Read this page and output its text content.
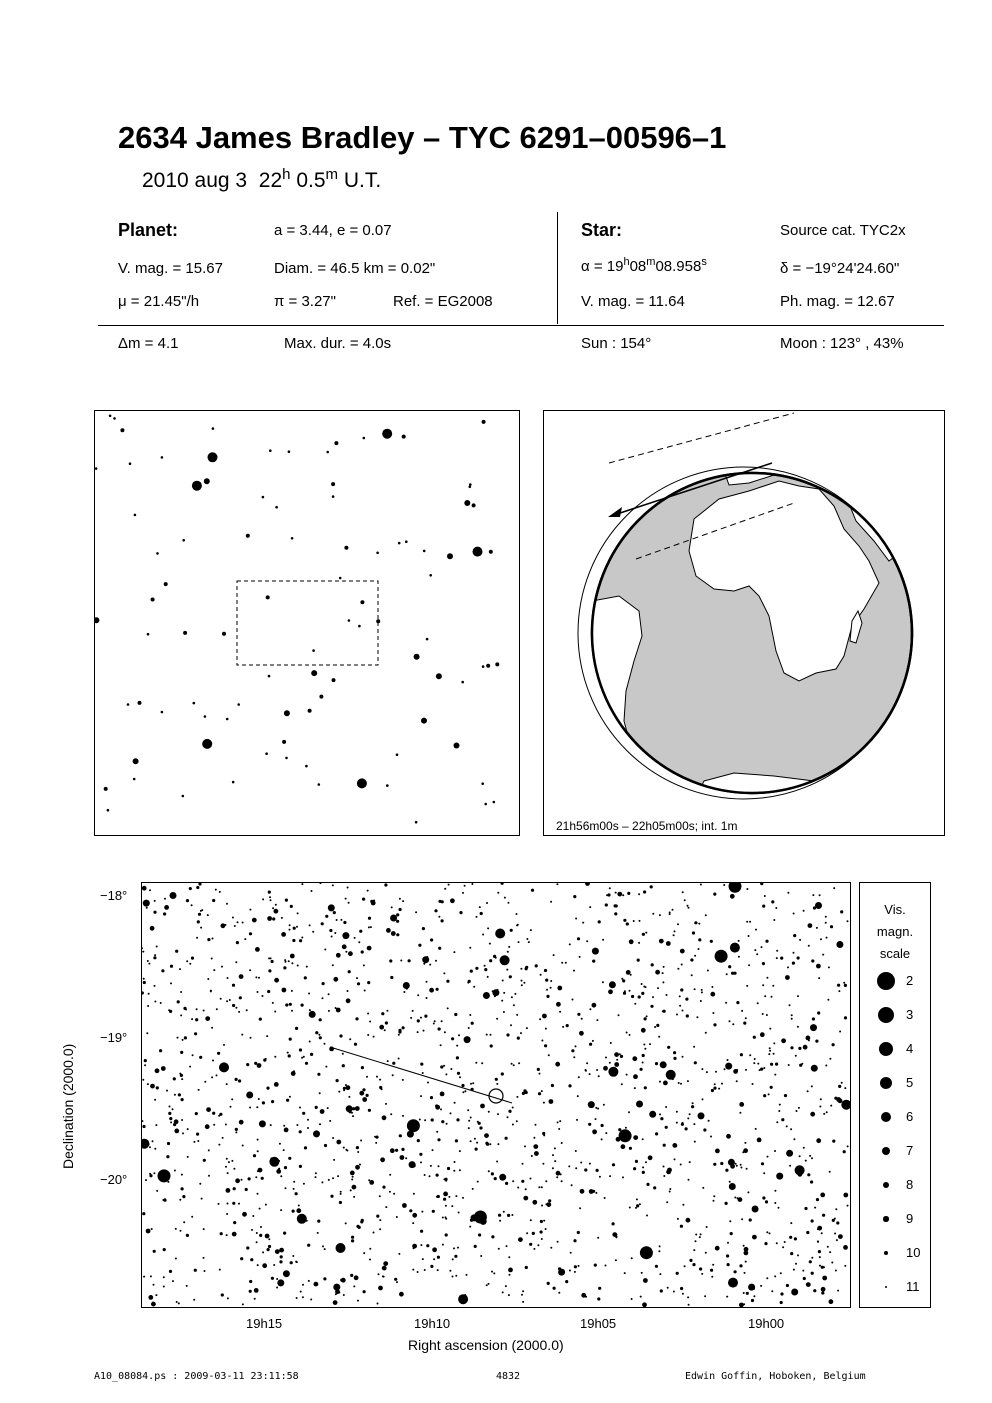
2634 James Bradley – TYC 6291–00596–1
2010 aug 3 22$^h$ 0.5$^m$ U.T.
Planet:	a = 3.44, e = 0.07
V. mag. = 15.67	Diam. = 46.5 km = 0.02"
μ = 21.45"/h	π = 3.27"	Ref. = EG2008
Star:	Source cat. TYC2x
$\alpha = 19^h08^m08.958^s$	δ = −19°24'24.60"
V. mag. = 11.64	Ph. mag. = 12.67
Δm = 4.1	Max. dur. = 4.0s	Sun : 154°	Moon : 123° , 43%
21h56m00s – 22h05m00s; int. 1m
−18°
−19°
−20°
Declination (2000.0)
19h15	19h10	19h05	19h00
Right ascension (2000.0)
Vis.
magn.
scale
2
3
4
5
6
7
8
9
10
11
A10_08084.ps : 2009-03-11 23:11:58	4832	Edwin Goffin, Hoboken, Belgium
